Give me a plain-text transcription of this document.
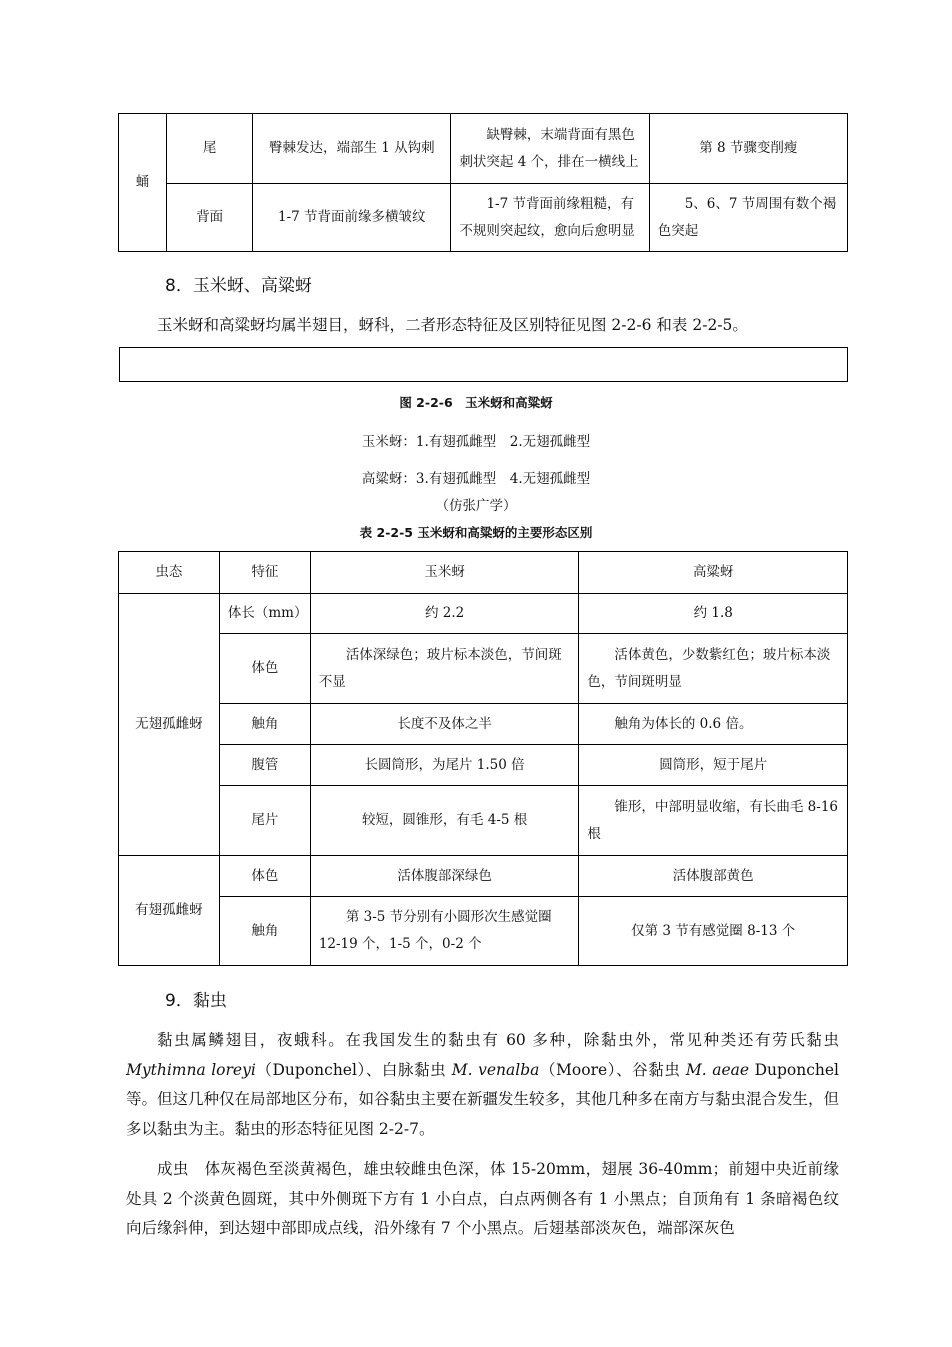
蛹	尾	臀棘发达，端部生 1 从钩刺	缺臀棘，末端背面有黑色刺状突起 4 个，排在一横线上	第 8 节骤变削瘦
	背面	1-7 节背面前缘多横皱纹	1-7 节背面前缘粗糙，有不规则突起纹，愈向后愈明显	5、6、7 节周围有数个褐色突起
8．玉米蚜、高粱蚜

玉米蚜和高粱蚜均属半翅目，蚜科，二者形态特征及区别特征见图 2-2-6 和表 2-2-5。

图 2-2-6　玉米蚜和高粱蚜
玉米蚜：1.有翅孤雌型　2.无翅孤雌型
高粱蚜：3.有翅孤雌型　4.无翅孤雌型
（仿张广学）
表 2-2-5 玉米蚜和高粱蚜的主要形态区别
虫态	特征	玉米蚜	高粱蚜
无翅孤雌蚜	体长（mm）	约 2.2	约 1.8
	体色	活体深绿色；玻片标本淡色，节间斑不显	活体黄色，少数紫红色；玻片标本淡色，节间斑明显
	触角	长度不及体之半	触角为体长的 0.6 倍。
	腹管	长圆筒形，为尾片 1.50 倍	圆筒形，短于尾片
	尾片	较短，圆锥形，有毛 4-5 根	锥形，中部明显收缩，有长曲毛 8-16 根
有翅孤雌蚜	体色	活体腹部深绿色	活体腹部黄色
	触角	第 3-5 节分别有小圆形次生感觉圈 12-19 个，1-5 个，0-2 个	仅第 3 节有感觉圈 8-13 个
9．黏虫

黏虫属鳞翅目，夜蛾科。在我国发生的黏虫有 60 多种，除黏虫外，常见种类还有劳氏黏虫 Mythimna loreyi（Duponchel）、白脉黏虫 M. venalba（Moore）、谷黏虫 M. aeae Duponchel 等。但这几种仅在局部地区分布，如谷黏虫主要在新疆发生较多，其他几种多在南方与黏虫混合发生，但多以黏虫为主。黏虫的形态特征见图 2-2-7。

成虫　体灰褐色至淡黄褐色，雄虫较雌虫色深，体 15-20mm，翅展 36-40mm；前翅中央近前缘处具 2 个淡黄色圆斑，其中外侧斑下方有 1 小白点，白点两侧各有 1 小黑点；自顶角有 1 条暗褐色纹向后缘斜伸，到达翅中部即成点线，沿外缘有 7 个小黑点。后翅基部淡灰色，端部深灰色
